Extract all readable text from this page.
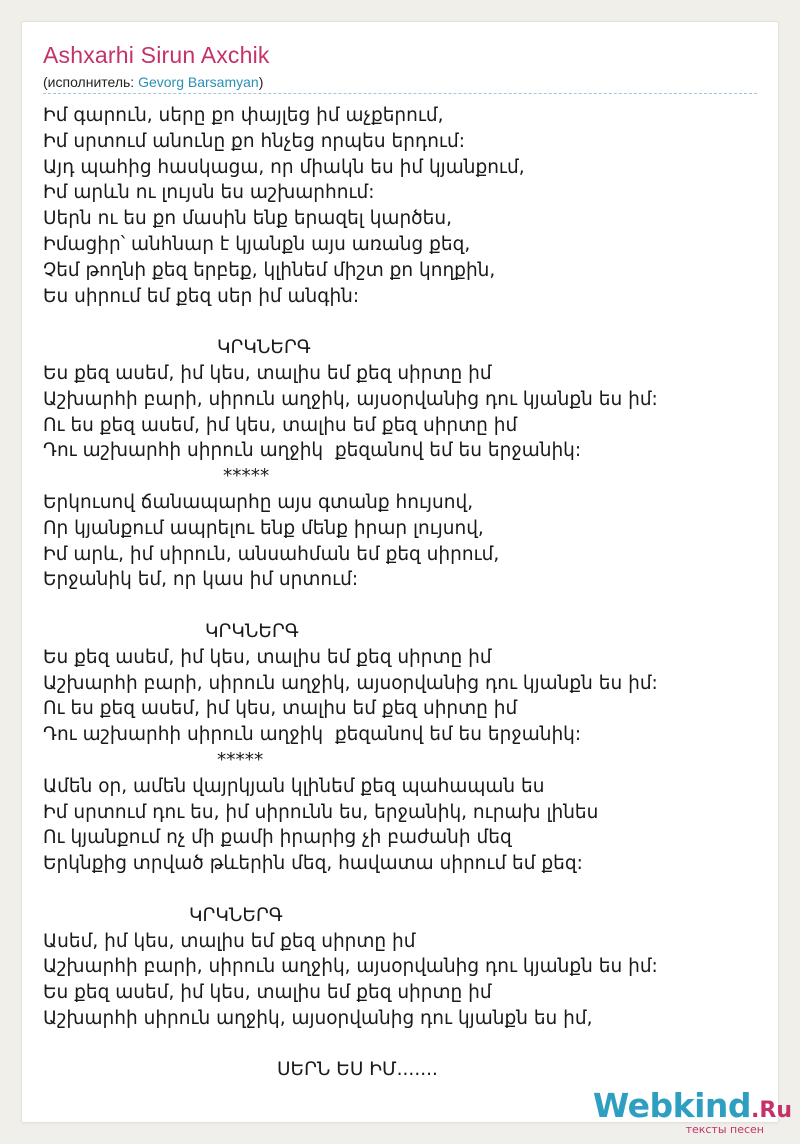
Ashxarhi Sirun Axchik
(исполнитель: Gevorg Barsamyan)
Իմ գարուն, սերը քո փայլեց իմ աչքերում,
Իմ սրտում անունը քո հնչեց որպես երդում:
Այդ պահից հասկացա, որ միակն ես իմ կյանքում,
Իմ արևն ու լույսն ես աշխարհում:
Սերն ու ես քո մասին ենք երազել կարծես,
Իմացիր՝ անհնար է կյանքն այս առանց քեզ,
Չեմ թողնի քեզ երբեք, կլինեմ միշտ քո կողքին,
Ես սիրում եմ քեզ սեր իմ անգին:
ԿՐԿՆԵՐԳ
Ես քեզ ասեմ, իմ կես, տալիս եմ քեզ սիրտը իմ
Աշխարհի բարի, սիրուն աղջիկ, այսօրվանից դու կյանքն ես իմ:
Ու ես քեզ ասեմ, իմ կես, տալիս եմ քեզ սիրտը իմ
Դու աշխարհի սիրուն աղջիկ  քեզանով եմ ես երջանիկ:
*****
Երկուսով ճանապարհը այս գտանք հույսով,
Որ կյանքում ապրելու ենք մենք իրար լույսով,
Իմ արև, իմ սիրուն, անսահման եմ քեզ սիրում,
Երջանիկ եմ, որ կաս իմ սրտում:
ԿՐԿՆԵՐԳ
Ես քեզ ասեմ, իմ կես, տալիս եմ քեզ սիրտը իմ
Աշխարհի բարի, սիրուն աղջիկ, այսօրվանից դու կյանքն ես իմ:
Ու ես քեզ ասեմ, իմ կես, տալիս եմ քեզ սիրտը իմ
Դու աշխարհի սիրուն աղջիկ  քեզանով եմ ես երջանիկ:
*****
Ամեն օր, ամեն վայրկյան կլինեմ քեզ պահապան ես
Իմ սրտում դու ես, իմ սիրունն ես, երջանիկ, ուրախ լինես
Ու կյանքում ոչ մի քամի իրարից չի բաժանի մեզ
Երկնքից տրված թևերին մեզ, հավատա սիրում եմ քեզ:
ԿՐԿՆԵՐԳ
Ասեմ, իմ կես, տալիս եմ քեզ սիրտը իմ
Աշխարհի բարի, սիրուն աղջիկ, այսօրվանից դու կյանքն ես իմ:
Ես քեզ ասեմ, իմ կես, տալիս եմ քեզ սիրտը իմ
Աշխարհի սիրուն աղջիկ, այսօրվանից դու կյանքն ես իմ,
ՍԵՐՆ ԵՍ ԻՄ.......
Webkind.Ru
тексты песен
